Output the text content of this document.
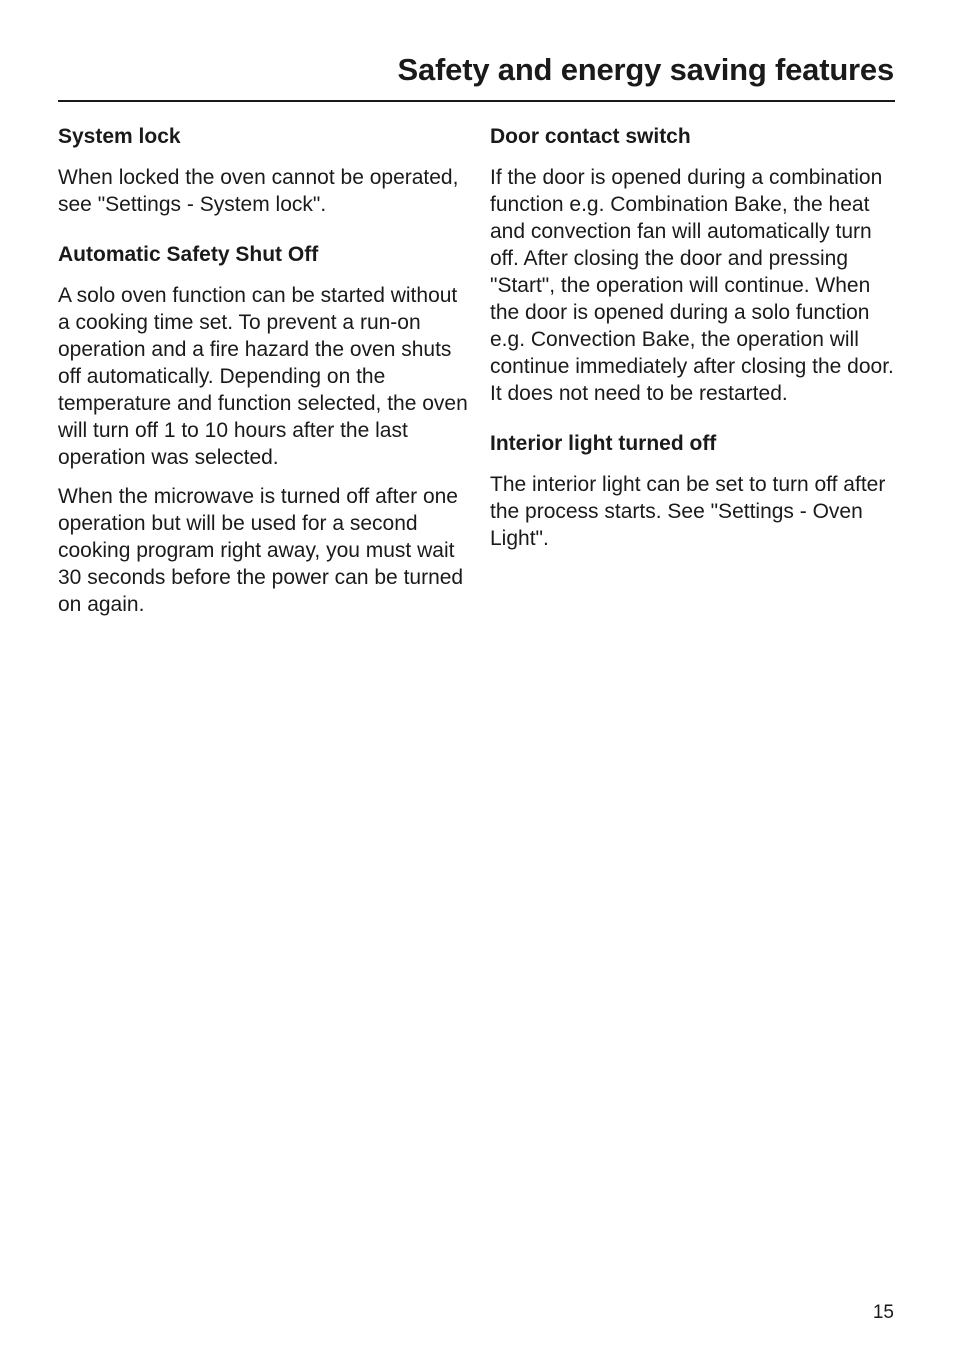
Safety and energy saving features
System lock

When locked the oven cannot be operated, see "Settings - System lock".

Automatic Safety Shut Off

A solo oven function can be started without a cooking time set. To prevent a run-on operation and a fire hazard the oven shuts off automatically. Depending on the temperature and function selected, the oven will turn off 1 to 10 hours after the last operation was selected.

When the microwave is turned off after one operation but will be used for a second cooking program right away, you must wait 30 seconds before the power can be turned on again.

Door contact switch

If the door is opened during a combination function e.g. Combination Bake, the heat and convection fan will automatically turn off. After closing the door and pressing "Start", the operation will continue. When the door is opened during a solo function e.g. Convection Bake, the operation will continue immediately after closing the door. It does not need to be restarted.

Interior light turned off

The interior light can be set to turn off after the process starts. See "Settings - Oven Light".

15
